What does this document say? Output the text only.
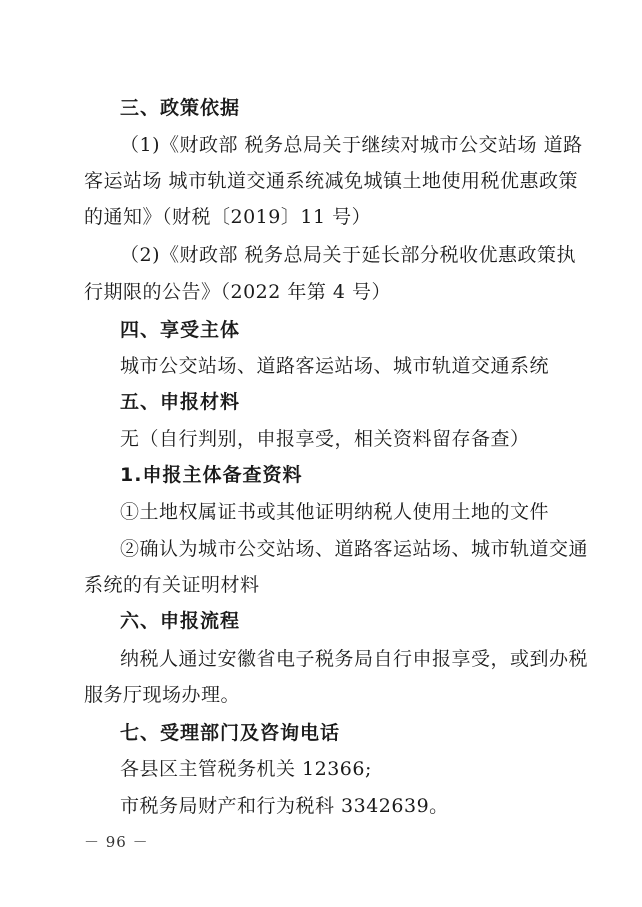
三、政策依据
（1)《财政部 税务总局关于继续对城市公交站场 道路
客运站场 城市轨道交通系统减免城镇土地使用税优惠政策
的通知》（财税〔2019〕11 号）
（2)《财政部 税务总局关于延长部分税收优惠政策执
行期限的公告》（2022 年第 4 号）
四、享受主体
城市公交站场、道路客运站场、城市轨道交通系统
五、申报材料
无（自行判别，申报享受，相关资料留存备查）
1.申报主体备查资料
①土地权属证书或其他证明纳税人使用土地的文件
②确认为城市公交站场、道路客运站场、城市轨道交通
系统的有关证明材料
六、申报流程
纳税人通过安徽省电子税务局自行申报享受，或到办税
服务厅现场办理。
七、受理部门及咨询电话
各县区主管税务机关 12366;
市税务局财产和行为税科 3342639。
－ 96 －
